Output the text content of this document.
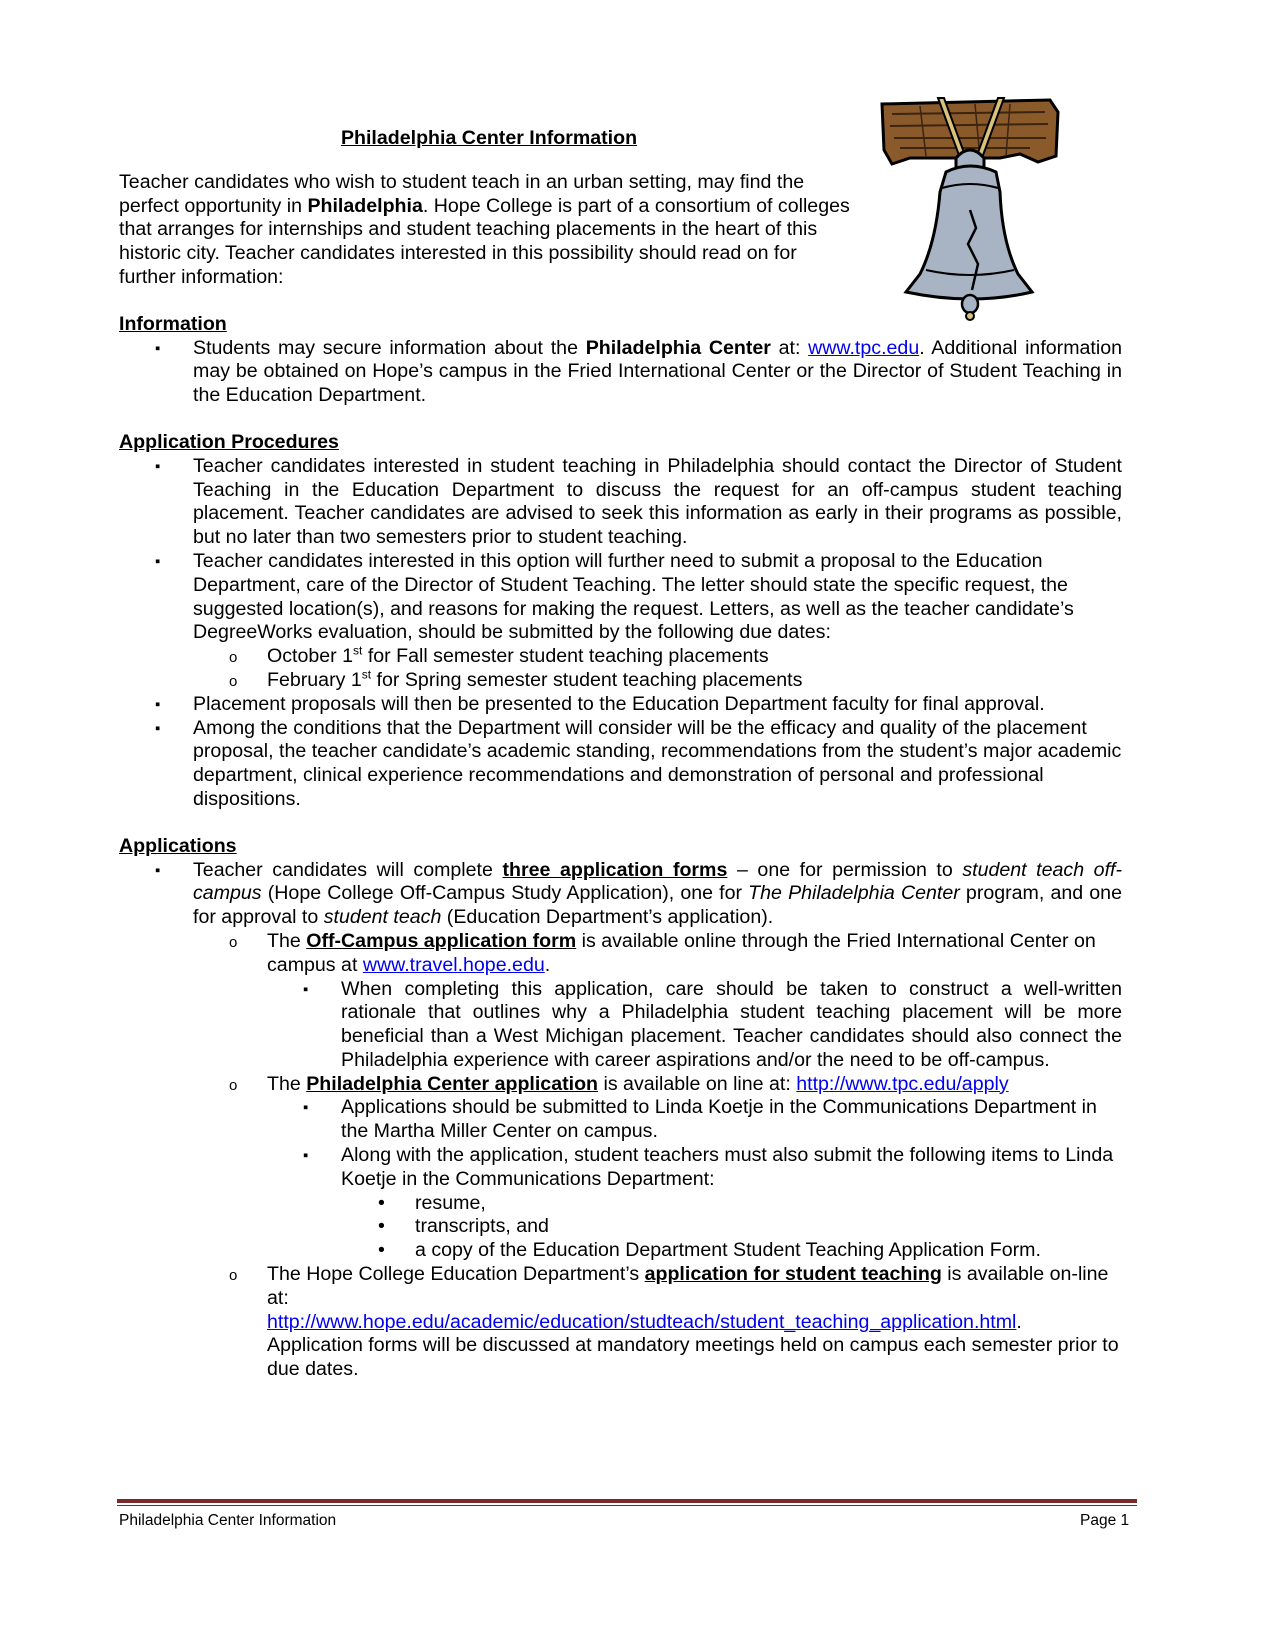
Philadelphia Center Information

Teacher candidates who wish to student teach in an urban setting, may find the perfect opportunity in Philadelphia. Hope College is part of a consortium of colleges that arranges for internships and student teaching placements in the heart of this historic city. Teacher candidates interested in this possibility should read on for further information:

Information
▪ Students may secure information about the Philadelphia Center at: www.tpc.edu. Additional information may be obtained on Hope’s campus in the Fried International Center or the Director of Student Teaching in the Education Department.
Application Procedures
▪ Teacher candidates interested in student teaching in Philadelphia should contact the Director of Student Teaching in the Education Department to discuss the request for an off-campus student teaching placement. Teacher candidates are advised to seek this information as early in their programs as possible, but no later than two semesters prior to student teaching.
▪ Teacher candidates interested in this option will further need to submit a proposal to the Education Department, care of the Director of Student Teaching. The letter should state the specific request, the suggested location(s), and reasons for making the request. Letters, as well as the teacher candidate’s DegreeWorks evaluation, should be submitted by the following due dates:
o October 1st for Fall semester student teaching placements
o February 1st for Spring semester student teaching placements
▪ Placement proposals will then be presented to the Education Department faculty for final approval.
▪ Among the conditions that the Department will consider will be the efficacy and quality of the placement proposal, the teacher candidate’s academic standing, recommendations from the student’s major academic department, clinical experience recommendations and demonstration of personal and professional dispositions.
Applications
▪ Teacher candidates will complete three application forms – one for permission to student teach off-campus (Hope College Off-Campus Study Application), one for The Philadelphia Center program, and one for approval to student teach (Education Department’s application).
o The Off-Campus application form is available online through the Fried International Center on campus at www.travel.hope.edu.
▪ When completing this application, care should be taken to construct a well-written rationale that outlines why a Philadelphia student teaching placement will be more beneficial than a West Michigan placement. Teacher candidates should also connect the Philadelphia experience with career aspirations and/or the need to be off-campus.
o The Philadelphia Center application is available on line at: http://www.tpc.edu/apply
▪ Applications should be submitted to Linda Koetje in the Communications Department in the Martha Miller Center on campus.
▪ Along with the application, student teachers must also submit the following items to Linda Koetje in the Communications Department:
• resume,
• transcripts, and
• a copy of the Education Department Student Teaching Application Form.
o The Hope College Education Department’s application for student teaching is available on-line at:
http://www.hope.edu/academic/education/studteach/student_teaching_application.html.
Application forms will be discussed at mandatory meetings held on campus each semester prior to due dates.
Philadelphia Center Information	Page 1
